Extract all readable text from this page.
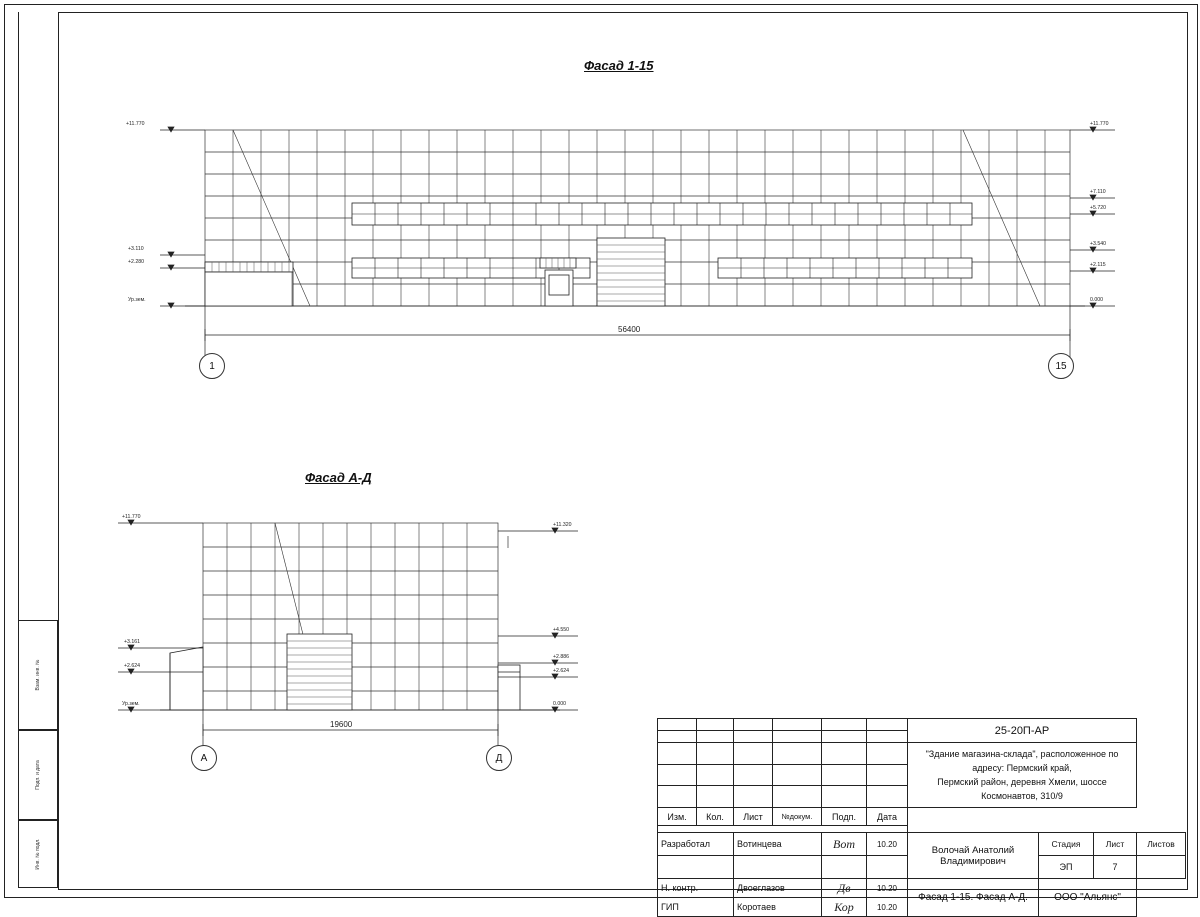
Взам. инв. №
Подп. и дата
Инв. № подл.
Фасад 1-15
+11.770
+3.110
+2.280
Ур.зем.
+11.770
+7.110
+5.720
+3.540
+2.115
0.000
56400
1	15
Фасад А-Д
+11.770
+3.161
+2.624
Ур.зем.
+11.320
+4.550
+2.886
+2.624
0.000
19600
А	Д
						25-20П-АР			

						"Здание магазина-склада", расположенное по адресу: Пермский край,
Пермский район, деревня Хмели, шоссе Космонавтов, 310/9			

Изм.	Кол.	Лист	№докум.	Подп.	Дата				

Разработал		Вотинцева		Вот	10.20	Волочай Анатолий Владимирович	Стадия	Лист	Листов
							ЭП	7	
Н. контр.		Двоеглазов		Дв	10.20	Фасад 1-15. Фасад А-Д.	ООО "Альянс"		
ГИП		Коротаев		Кор	10.20				
